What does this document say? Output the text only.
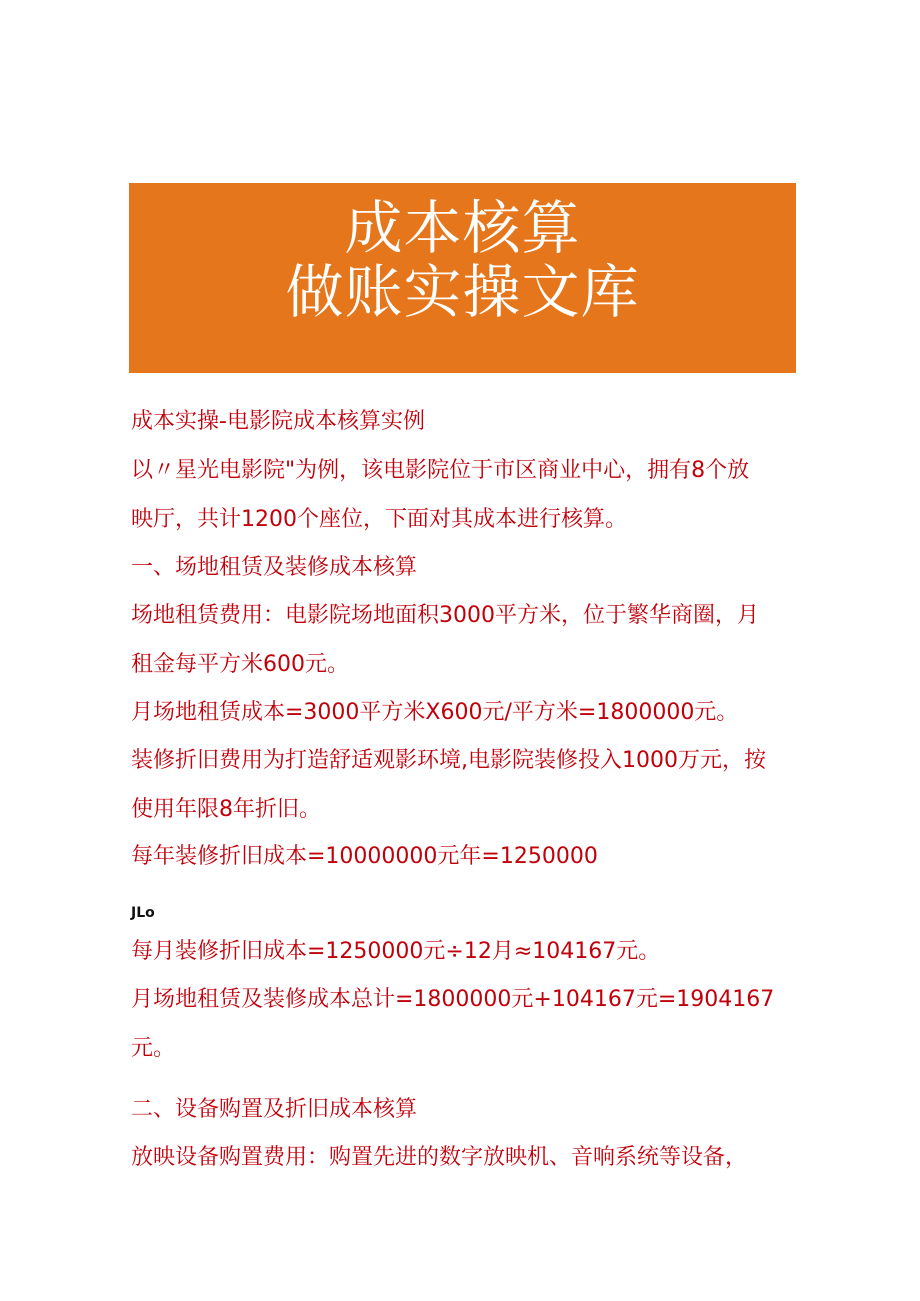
成本核算
做账实操文库
成本实操-电影院成本核算实例
以〃星光电影院"为例，该电影院位于市区商业中心，拥有8个放
映厅，共计1200个座位，下面对其成本进行核算。
一、场地租赁及装修成本核算
场地租赁费用：电影院场地面积3000平方米，位于繁华商圈，月
租金每平方米600元。
月场地租赁成本=3000平方米X600元/平方米=1800000元。
装修折旧费用为打造舒适观影环境,电影院装修投入1000万元，按
使用年限8年折旧。
每年装修折旧成本=10000000元年=1250000
JLo
每月装修折旧成本=1250000元÷12月≈104167元。
月场地租赁及装修成本总计=1800000元+104167元=1904167
元。
二、设备购置及折旧成本核算
放映设备购置费用：购置先进的数字放映机、音响系统等设备，
